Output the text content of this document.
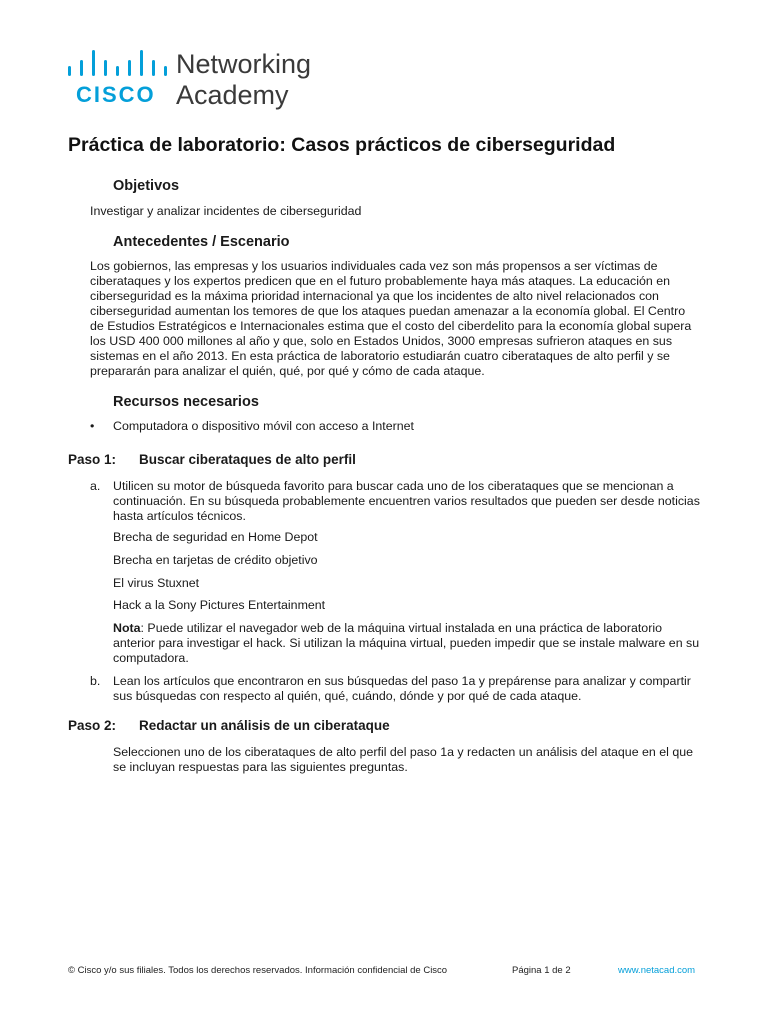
CISCO
Networking
Academy
Práctica de laboratorio: Casos prácticos de ciberseguridad
Objetivos
Investigar y analizar incidentes de ciberseguridad
Antecedentes / Escenario
Los gobiernos, las empresas y los usuarios individuales cada vez son más propensos a ser víctimas de ciberataques y los expertos predicen que en el futuro probablemente haya más ataques. La educación en ciberseguridad es la máxima prioridad internacional ya que los incidentes de alto nivel relacionados con ciberseguridad aumentan los temores de que los ataques puedan amenazar a la economía global. El Centro de Estudios Estratégicos e Internacionales estima que el costo del ciberdelito para la economía global supera los USD 400 000 millones al año y que, solo en Estados Unidos, 3000 empresas sufrieron ataques en sus sistemas en el año 2013. En esta práctica de laboratorio estudiarán cuatro ciberataques de alto perfil y se prepararán para analizar el quién, qué, por qué y cómo de cada ataque.
Recursos necesarios
• Computadora o dispositivo móvil con acceso a Internet
Paso 1: Buscar ciberataques de alto perfil
a. Utilicen su motor de búsqueda favorito para buscar cada uno de los ciberataques que se mencionan a continuación. En su búsqueda probablemente encuentren varios resultados que pueden ser desde noticias hasta artículos técnicos.
Brecha de seguridad en Home Depot
Brecha en tarjetas de crédito objetivo
El virus Stuxnet
Hack a la Sony Pictures Entertainment
Nota: Puede utilizar el navegador web de la máquina virtual instalada en una práctica de laboratorio anterior para investigar el hack. Si utilizan la máquina virtual, pueden impedir que se instale malware en su computadora.
b. Lean los artículos que encontraron en sus búsquedas del paso 1a y prepárense para analizar y compartir sus búsquedas con respecto al quién, qué, cuándo, dónde y por qué de cada ataque.
Paso 2: Redactar un análisis de un ciberataque
Seleccionen uno de los ciberataques de alto perfil del paso 1a y redacten un análisis del ataque en el que se incluyan respuestas para las siguientes preguntas.
© Cisco y/o sus filiales. Todos los derechos reservados. Información confidencial de Cisco	Página 1 de 2	www.netacad.com
